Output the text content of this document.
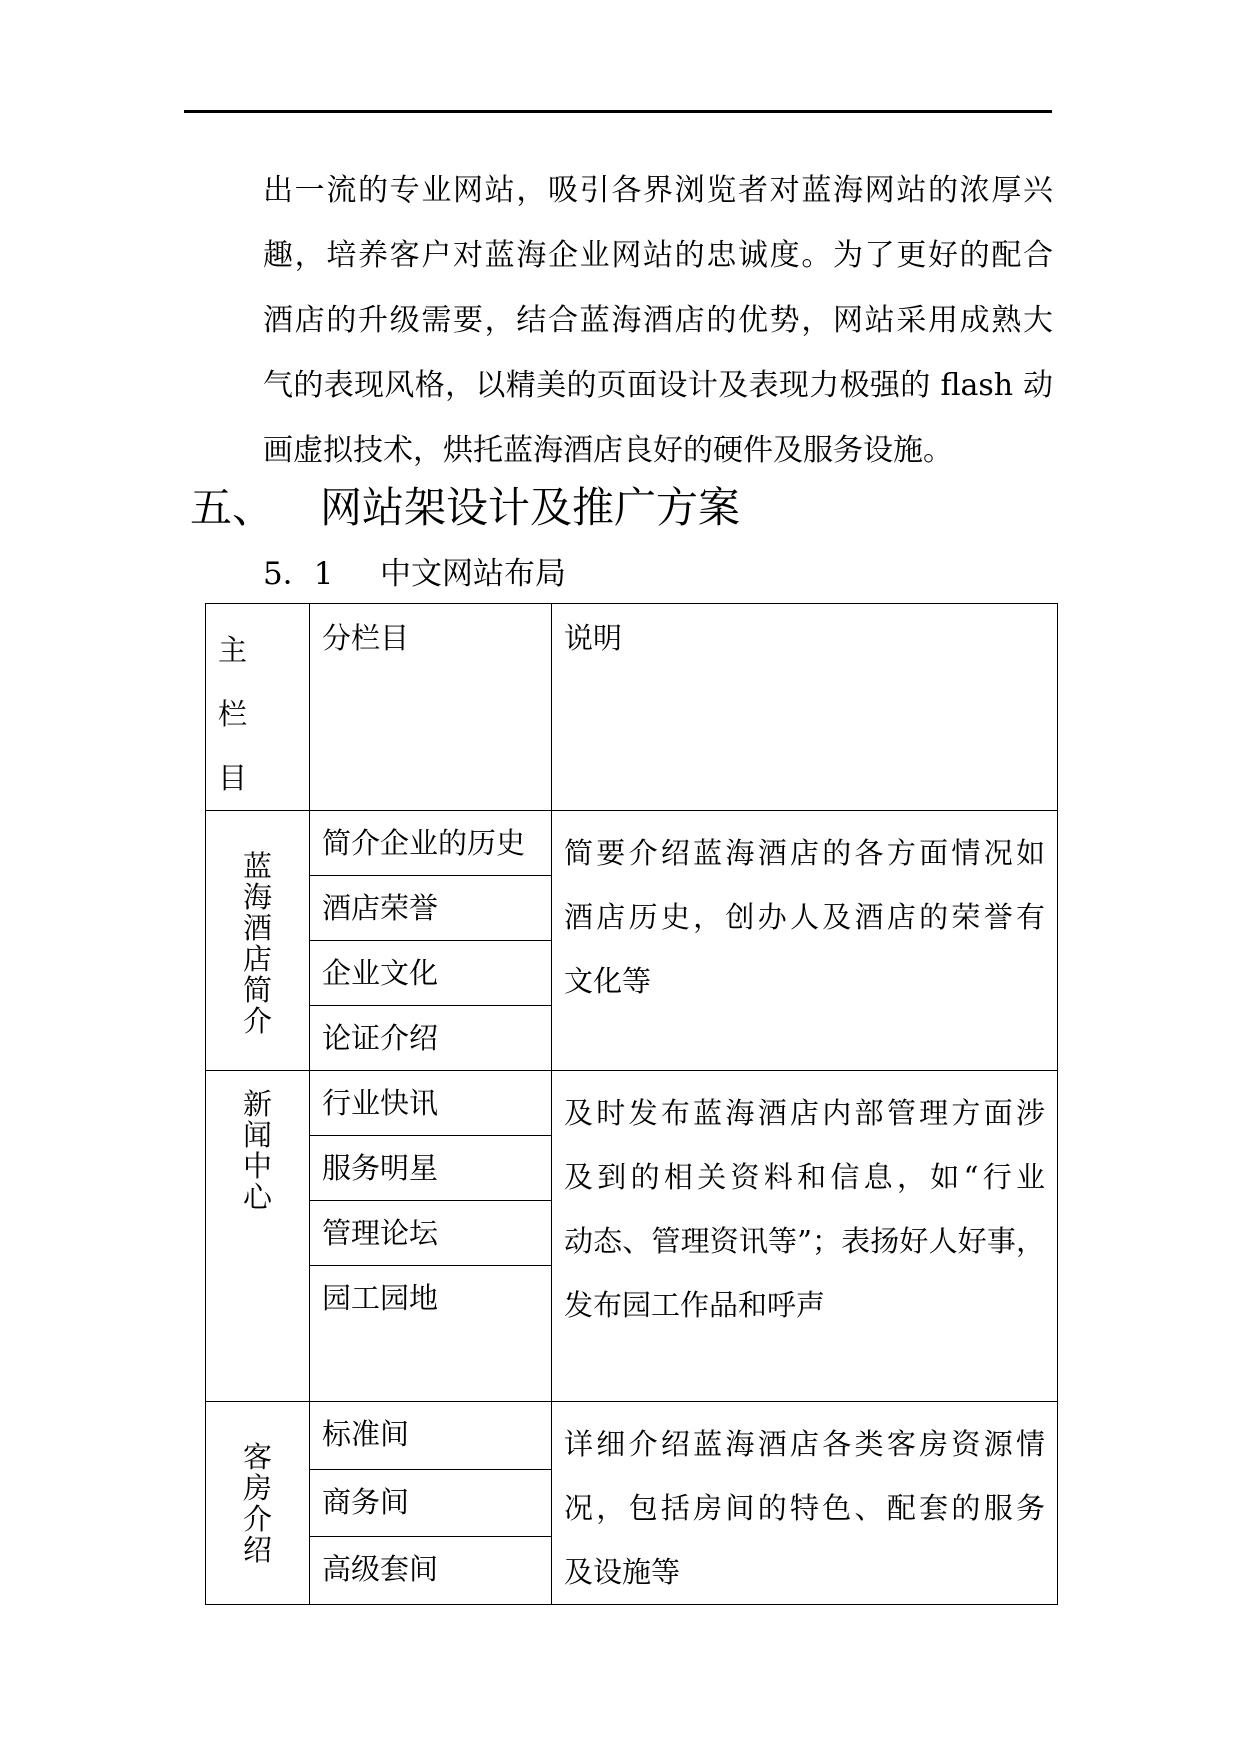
出一流的专业网站，吸引各界浏览者对蓝海网站的浓厚兴
趣，培养客户对蓝海企业网站的忠诚度。为了更好的配合
酒店的升级需要，结合蓝海酒店的优势，网站采用成熟大
气的表现风格，以精美的页面设计及表现力极强的 flash 动
画虚拟技术，烘托蓝海酒店良好的硬件及服务设施。
五、 网站架设计及推广方案
5．1 中文网站布局
主　栏
目	分栏目	说明
蓝海酒店简介	简介企业的历史	简要介绍蓝海酒店的各方面情况如
酒店历史，创办人及酒店的荣誉有
文化等

	酒店荣誉	
	企业文化	
	论证介绍	
新闻中心	行业快讯	及时发布蓝海酒店内部管理方面涉
及到的相关资料和信息，如“行业
动态、管理资讯等”；表扬好人好事，
发布园工作品和呼声

	服务明星	
	管理论坛	
	园工园地	
客房介绍	标准间	详细介绍蓝海酒店各类客房资源情
况，包括房间的特色、配套的服务
及设施等

	商务间	
	高级套间	
